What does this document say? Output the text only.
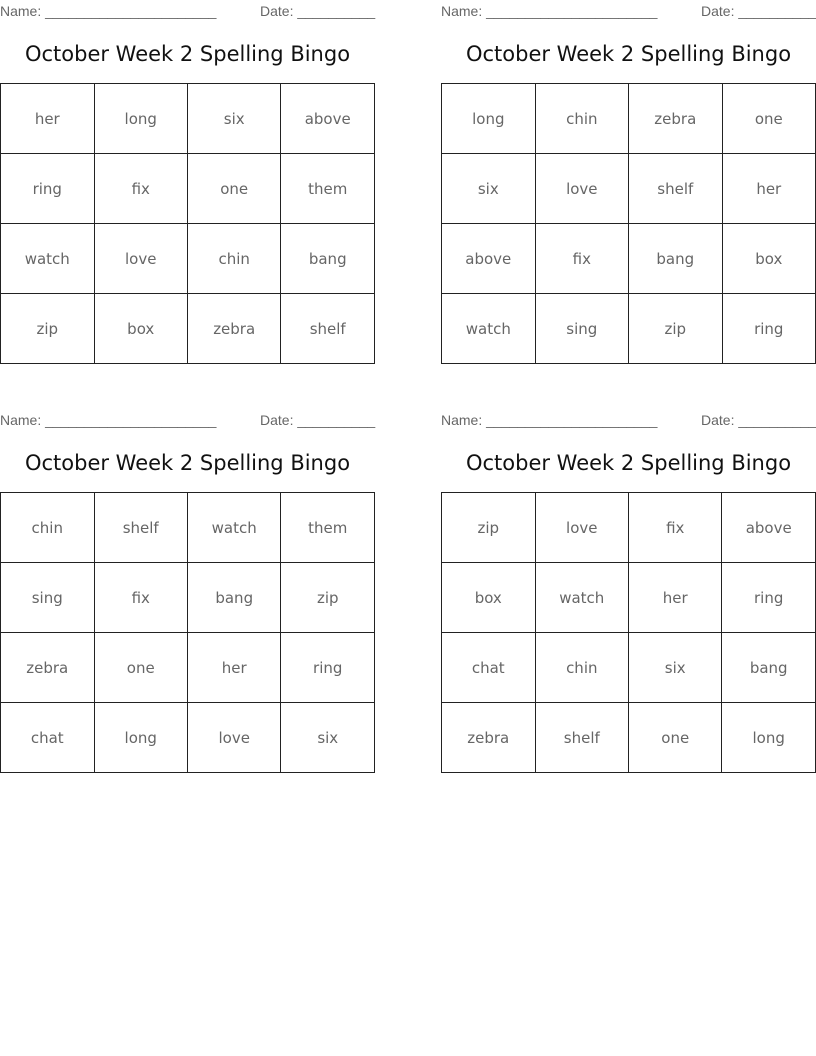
Name: ______________________	Date: __________
October Week 2 Spelling Bingo
her	long	six	above
ring	fix	one	them
watch	love	chin	bang
zip	box	zebra	shelf
Name: ______________________	Date: __________
October Week 2 Spelling Bingo
long	chin	zebra	one
six	love	shelf	her
above	fix	bang	box
watch	sing	zip	ring
Name: ______________________	Date: __________
October Week 2 Spelling Bingo
chin	shelf	watch	them
sing	fix	bang	zip
zebra	one	her	ring
chat	long	love	six
Name: ______________________	Date: __________
October Week 2 Spelling Bingo
zip	love	fix	above
box	watch	her	ring
chat	chin	six	bang
zebra	shelf	one	long
